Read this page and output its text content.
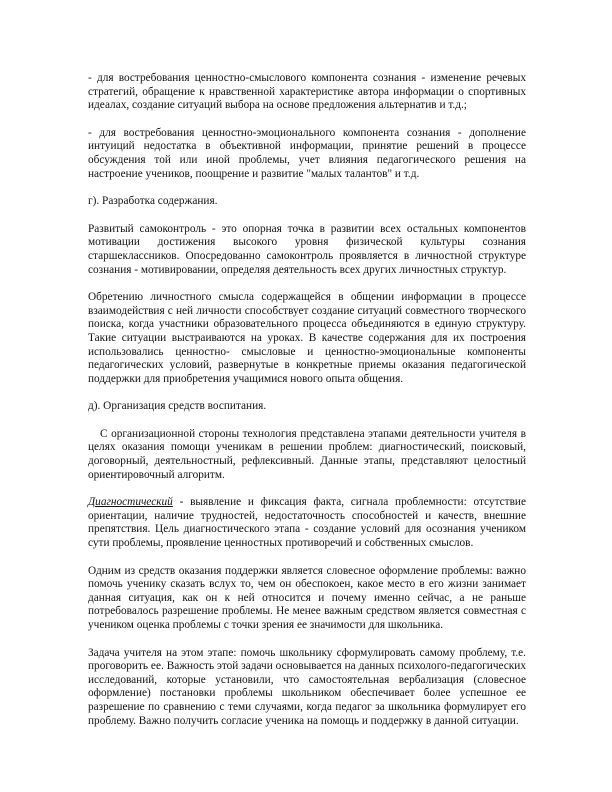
- для востребования ценностно-смыслового компонента сознания - изменение речевых стратегий, обращение к нравственной характеристике автора информации о спортивных идеалах, создание ситуаций выбора на основе предложения альтернатив и т.д.;

- для востребования ценностно-эмоционального компонента сознания - дополнение интуиций недостатка в объективной информации, принятие решений в процессе обсуждения той или иной проблемы, учет влияния педагогического решения на настроение учеников, поощрение и развитие "малых талантов" и т.д.

г). Разработка содержания.

Развитый самоконтроль - это опорная точка в развитии всех остальных компонентов мотивации достижения высокого уровня физической культуры сознания старшеклассников. Опосредованно самоконтроль проявляется в личностной структуре сознания - мотивировании, определяя деятельность всех других личностных структур.

Обретению личностного смысла содержащейся в общении информации в процессе взаимодействия с ней личности способствует создание ситуаций совместного творческого поиска, когда участники образовательного процесса объединяются в единую структуру. Такие ситуации выстраиваются на уроках. В качестве содержания для их построения использовались ценностно- смысловые и ценностно-эмоциональные компоненты педагогических условий, развернутые в конкретные приемы оказания педагогической поддержки для приобретения учащимися нового опыта общения.

д). Организация средств воспитания.

С организационной стороны технология представлена этапами деятельности учителя в целях оказания помощи ученикам в решении проблем: диагностический, поисковый, договорный, деятельностный, рефлексивный. Данные этапы, представляют целостный ориентировочный алгоритм.

Диагностический - выявление и фиксация факта, сигнала проблемности: отсутствие ориентации, наличие трудностей, недостаточность способностей и качеств, внешние препятствия. Цель диагностического этапа - создание условий для осознания учеником сути проблемы, проявление ценностных противоречий и собственных смыслов.

Одним из средств оказания поддержки является словесное оформление проблемы: важно помочь ученику сказать вслух то, чем он обеспокоен, какое место в его жизни занимает данная ситуация, как он к ней относится и почему именно сейчас, а не раньше потребовалось разрешение проблемы. Не менее важным средством является совместная с учеником оценка проблемы с точки зрения ее значимости для школьника.

Задача учителя на этом этапе: помочь школьнику сформулировать самому проблему, т.е. проговорить ее. Важность этой задачи основывается на данных психолого-педагогических исследований, которые установили, что самостоятельная вербализация (словесное оформление) постановки проблемы школьником обеспечивает более успешное ее разрешение по сравнению с теми случаями, когда педагог за школьника формулирует его проблему. Важно получить согласие ученика на помощь и поддержку в данной ситуации.
